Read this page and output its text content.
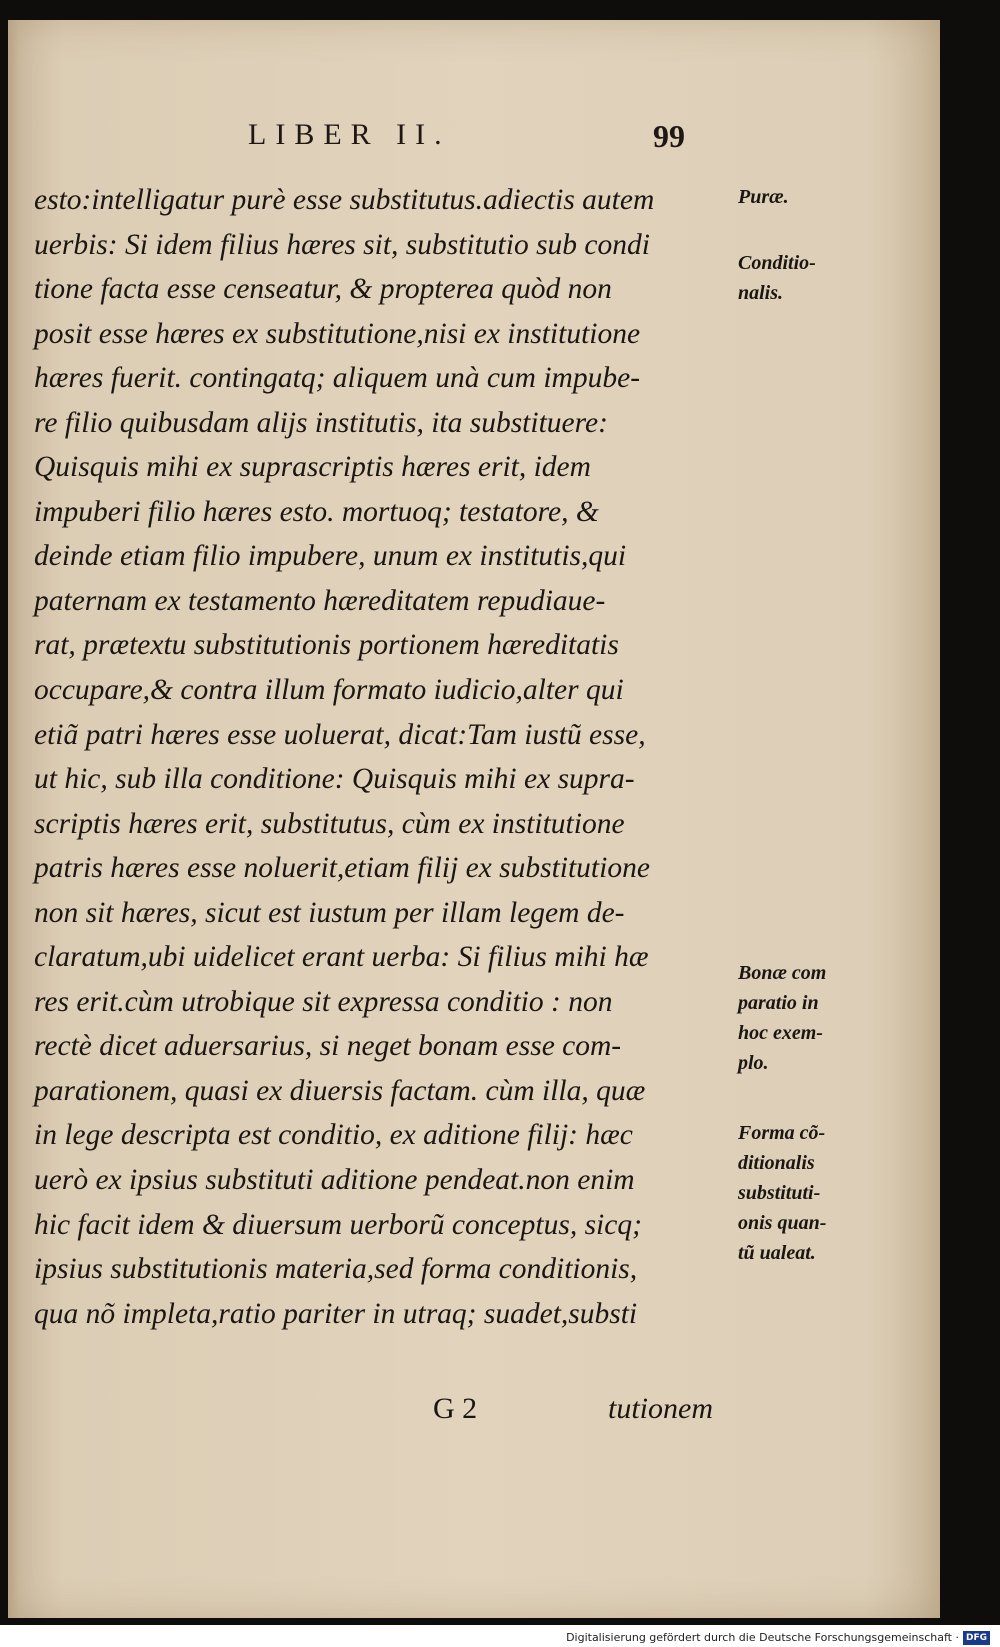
LIBER II.	99
esto:intelligatur purè esse substitutus.adiectis autem
uerbis: Si idem filius hæres sit, substitutio sub condi
tione facta esse censeatur, & propterea quòd non
posit esse hæres ex substitutione,nisi ex institutione
hæres fuerit. contingatq; aliquem unà cum impube-
re filio quibusdam alijs institutis, ita substituere:
Quisquis mihi ex suprascriptis hæres erit, idem
impuberi filio hæres esto. mortuoq; testatore, &
deinde etiam filio impubere, unum ex institutis,qui
paternam ex testamento hæreditatem repudiaue-
rat, prætextu substitutionis portionem hæreditatis
occupare,& contra illum formato iudicio,alter qui
etiã patri hæres esse uoluerat, dicat:Tam iustũ esse,
ut hic, sub illa conditione: Quisquis mihi ex supra-
scriptis hæres erit, substitutus, cùm ex institutione
patris hæres esse noluerit,etiam filij ex substitutione
non sit hæres, sicut est iustum per illam legem de-
claratum,ubi uidelicet erant uerba: Si filius mihi hæ
res erit.cùm utrobique sit expressa conditio : non
rectè dicet aduersarius, si neget bonam esse com-
parationem, quasi ex diuersis factam. cùm illa, quæ
in lege descripta est conditio, ex aditione filij: hæc
uerò ex ipsius substituti aditione pendeat.non enim
hic facit idem & diuersum uerborũ conceptus, sicq;
ipsius substitutionis materia,sed forma conditionis,
qua nõ impleta,ratio pariter in utraq; suadet,substi
Puræ.
Conditio-
nalis.
Bonæ com
paratio in
hoc exem-
plo.
Forma cõ-
ditionalis
substituti-
onis quan-
tũ ualeat.
G 2	tutionem
Digitalisierung gefördert durch die Deutsche Forschungsgemeinschaft · DFG
